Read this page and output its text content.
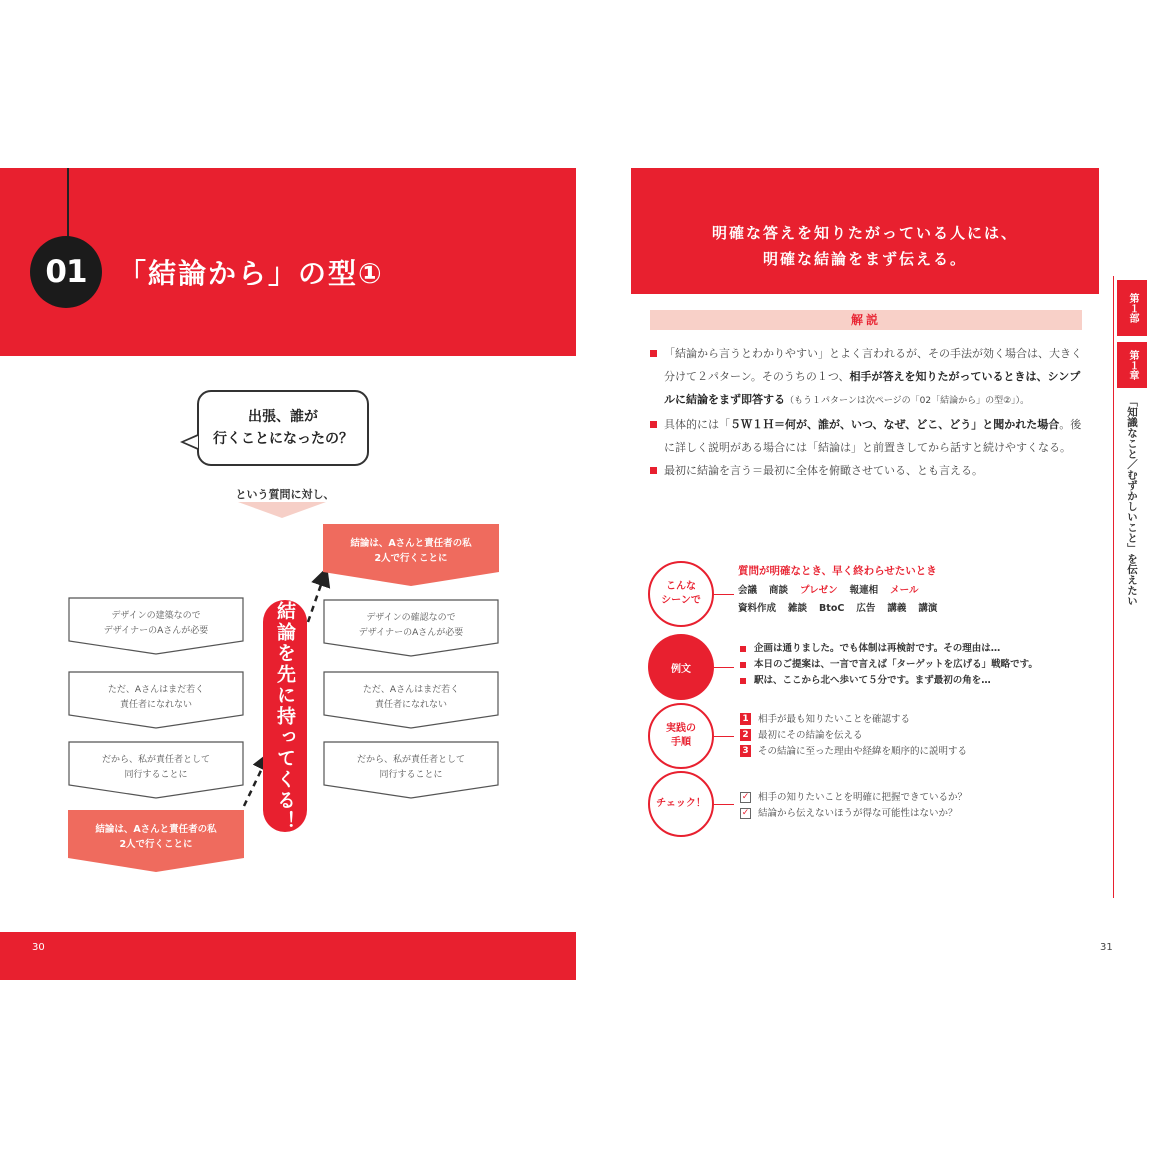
01	「結論から」の型①
出張、誰が
行くことになったの？
という質問に対し、
デザインの建築なので
デザイナーのAさんが必要
ただ、Aさんはまだ若く
責任者になれない
だから、私が責任者として
同行することに
結論は、Aさんと責任者の私
2人で行くことに
結論を先に持ってくる！
結論は、Aさんと責任者の私
2人で行くことに
デザインの確認なので
デザイナーのAさんが必要
ただ、Aさんはまだ若く
責任者になれない
だから、私が責任者として
同行することに
30
明確な答えを知りたがっている人には、
明確な結論をまず伝える。
解説
「結論から言うとわかりやすい」とよく言われるが、その手法が効く場合は、大きく分けて２パターン。そのうちの１つ、相手が答えを知りたがっているときは、シンプルに結論をまず即答する（もう１パターンは次ページの「02「結論から」の型②」）。
具体的には「５Ｗ１Ｈ＝何が、誰が、いつ、なぜ、どこ、どう」と聞かれた場合。後に詳しく説明がある場合には「結論は」と前置きしてから話すと続けやすくなる。
最初に結論を言う＝最初に全体を俯瞰させている、とも言える。
第１部
第１章
「知識なこと／むずかしいこと」を伝えたい
こんな シーンで
質問が明確なとき、早く終わらせたいとき
会議 商談 プレゼン 報連相 メール
資料作成 雑談 BtoC 広告 講義 講演
例文
企画は通りました。でも体制は再検討です。その理由は…
本日のご提案は、一言で言えば「ターゲットを広げる」戦略です。
駅は、ここから北へ歩いて５分です。まず最初の角を…
実践の 手順
1 相手が最も知りたいことを確認する
2 最初にその結論を伝える
3 その結論に至った理由や経緯を順序的に説明する
チェック！
✓ 相手の知りたいことを明確に把握できているか？
✓ 結論から伝えないほうが得な可能性はないか？
31
